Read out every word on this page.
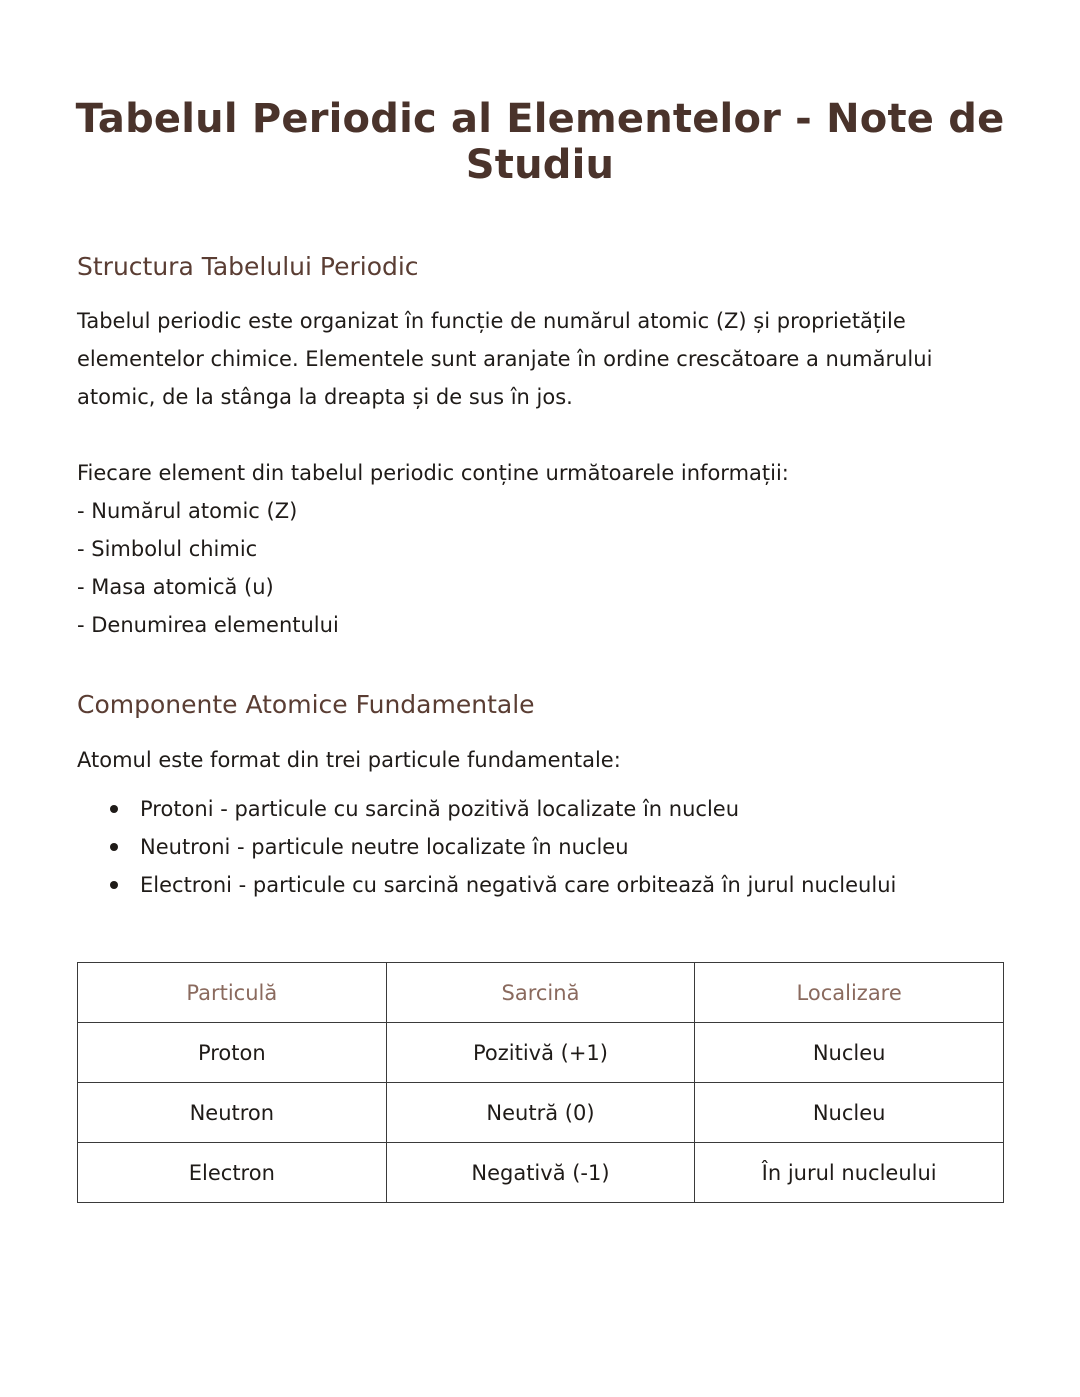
Tabelul Periodic al Elementelor - Note de Studiu
Structura Tabelului Periodic

Tabelul periodic este organizat în funcție de numărul atomic (Z) și proprietățile elementelor chimice. Elementele sunt aranjate în ordine crescătoare a numărului atomic, de la stânga la dreapta și de sus în jos.

Fiecare element din tabelul periodic conține următoarele informații:

- Numărul atomic (Z)
- Simbolul chimic
- Masa atomică (u)
- Denumirea elementului
Componente Atomice Fundamentale

Atomul este format din trei particule fundamentale:

Protoni - particule cu sarcină pozitivă localizate în nucleu
Neutroni - particule neutre localizate în nucleu
Electroni - particule cu sarcină negativă care orbitează în jurul nucleului
Particulă	Sarcină	Localizare
Proton	Pozitivă (+1)	Nucleu
Neutron	Neutră (0)	Nucleu
Electron	Negativă (-1)	În jurul nucleului
